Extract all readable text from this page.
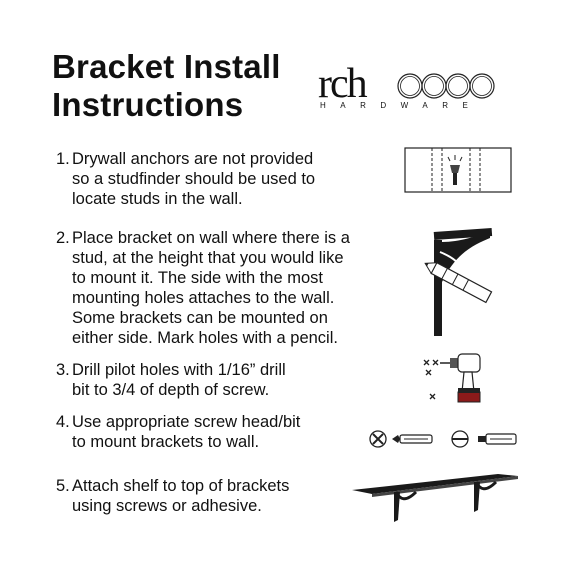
Bracket Install
Instructions	rch
HARDWARE
1. Drywall anchors are not provided
so a studfinder should be used to
locate studs in the wall.
2. Place bracket on wall where there is a
stud, at the height that you would like
to mount it. The side with the most
mounting holes attaches to the wall.
Some brackets can be mounted on
either side. Mark holes with a pencil.
3. Drill pilot holes with 1/16” drill
bit to 3/4 of depth of screw.
4. Use appropriate screw head/bit
to mount brackets to wall.
5. Attach shelf to top of brackets
using screws or adhesive.
